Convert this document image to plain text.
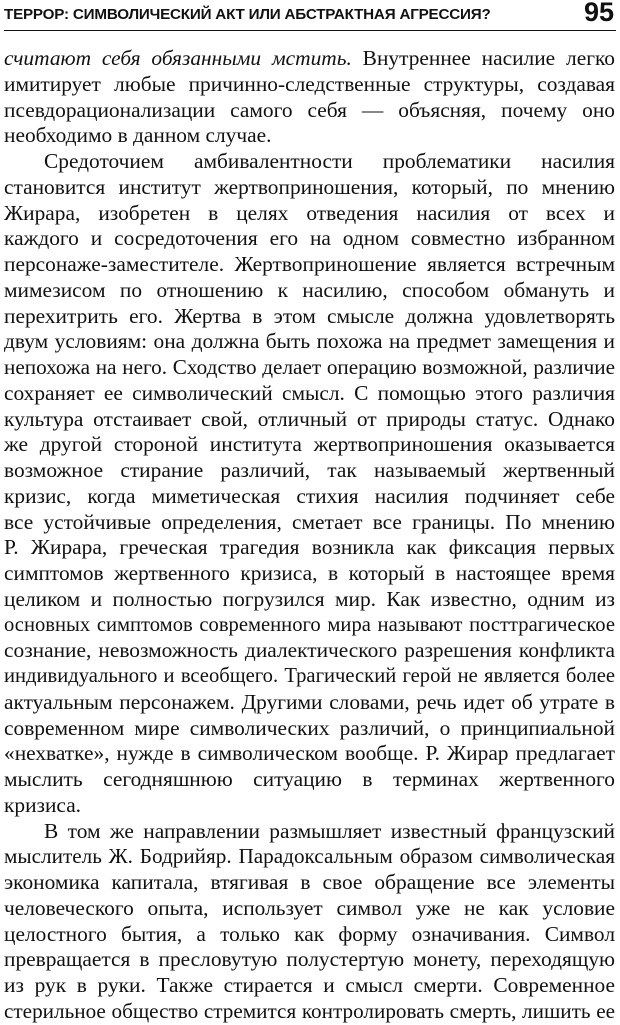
ТЕРРОР: СИМВОЛИЧЕСКИЙ АКТ ИЛИ АБСТРАКТНАЯ АГРЕССИЯ?	95
считают себя обязанными мстить. Внутреннее насилие легко
имитирует любые причинно-следственные структуры, создавая
псевдорационализации самого себя — объясняя, почему оно
необходимо в данном случае.
Средоточием амбивалентности проблематики насилия
становится институт жертвоприношения, который, по мнению
Жирара, изобретен в целях отведения насилия от всех и
каждого и сосредоточения его на одном совместно избранном
персонаже-заместителе. Жертвоприношение является встречным
мимезисом по отношению к насилию, способом обмануть и
перехитрить его. Жертва в этом смысле должна удовлетворять
двум условиям: она должна быть похожа на предмет замещения и
непохожа на него. Сходство делает операцию возможной, различие
сохраняет ее символический смысл. С помощью этого различия
культура отстаивает свой, отличный от природы статус. Однако
же другой стороной института жертвоприношения оказывается
возможное стирание различий, так называемый жертвенный
кризис, когда миметическая стихия насилия подчиняет себе
все устойчивые определения, сметает все границы. По мнению
Р. Жирара, греческая трагедия возникла как фиксация первых
симптомов жертвенного кризиса, в который в настоящее время
целиком и полностью погрузился мир. Как известно, одним из
основных симптомов современного мира называют посттрагическое
сознание, невозможность диалектического разрешения конфликта
индивидуального и всеобщего. Трагический герой не является более
актуальным персонажем. Другими словами, речь идет об утрате в
современном мире символических различий, о принципиальной
«нехватке», нужде в символическом вообще. Р. Жирар предлагает
мыслить сегодняшнюю ситуацию в терминах жертвенного
кризиса.
В том же направлении размышляет известный французский
мыслитель Ж. Бодрийяр. Парадоксальным образом символическая
экономика капитала, втягивая в свое обращение все элементы
человеческого опыта, использует символ уже не как условие
целостного бытия, а только как форму означивания. Символ
превращается в пресловутую полустертую монету, переходящую
из рук в руки. Также стирается и смысл смерти. Современное
стерильное общество стремится контролировать смерть, лишить ее
